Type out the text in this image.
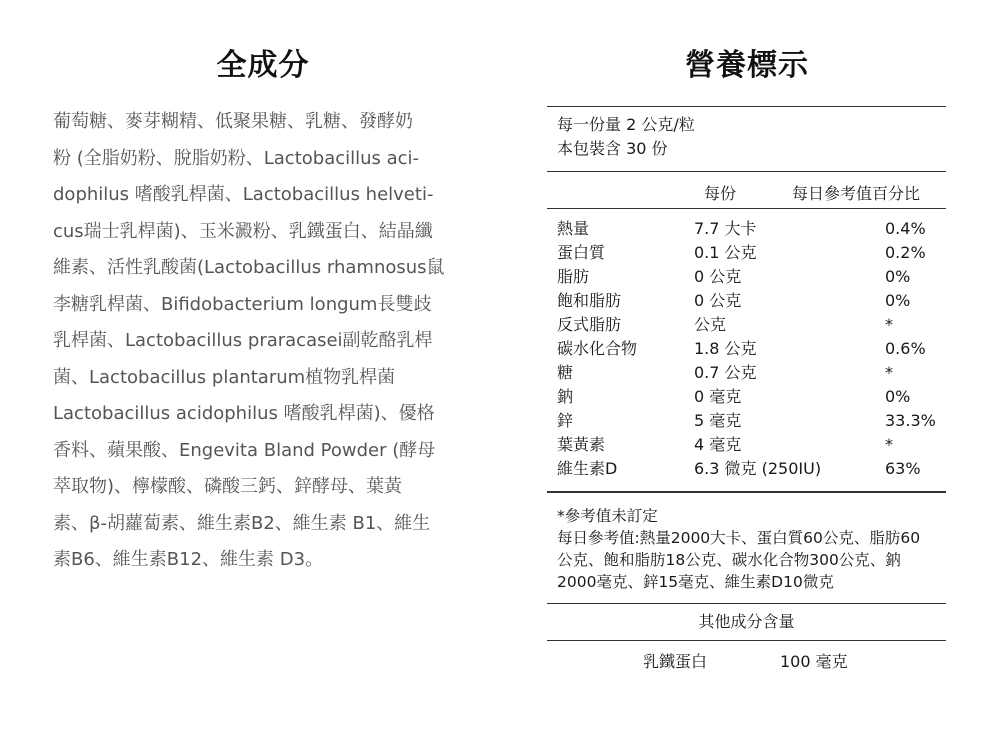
全成分
葡萄糖、麥芽糊精、低聚果糖、乳糖、發酵奶
粉 (全脂奶粉、脫脂奶粉、Lactobacillus aci-
dophilus 嗜酸乳桿菌、Lactobacillus helveti-
cus瑞士乳桿菌)、玉米澱粉、乳鐵蛋白、結晶纖
維素、活性乳酸菌(Lactobacillus rhamnosus鼠
李糖乳桿菌、Bifidobacterium longum長雙歧
乳桿菌、Lactobacillus praracasei副乾酪乳桿
菌、Lactobacillus plantarum植物乳桿菌
Lactobacillus acidophilus 嗜酸乳桿菌)、優格
香料、蘋果酸、Engevita Bland Powder (酵母
萃取物)、檸檬酸、磷酸三鈣、鋅酵母、葉黃
素、β-胡蘿蔔素、維生素B2、維生素 B1、維生
素B6、維生素B12、維生素 D3。
營養標示
每一份量 2 公克/粒
本包裝含 30 份
每份	每日參考值百分比
熱量	7.7 大卡	0.4%
蛋白質	0.1 公克	0.2%
脂肪	0 公克	0%
飽和脂肪	0 公克	0%
反式脂肪	公克	*
碳水化合物	1.8 公克	0.6%
糖	0.7 公克	*
鈉	0 毫克	0%
鋅	5 毫克	33.3%
葉黃素	4 毫克	*
維生素D	6.3 微克 (250IU)	63%
*參考值未訂定
每日參考值:熱量2000大卡、蛋白質60公克、脂肪60
公克、飽和脂肪18公克、碳水化合物300公克、鈉
2000毫克、鋅15毫克、維生素D10微克
其他成分含量
乳鐵蛋白	100 毫克
